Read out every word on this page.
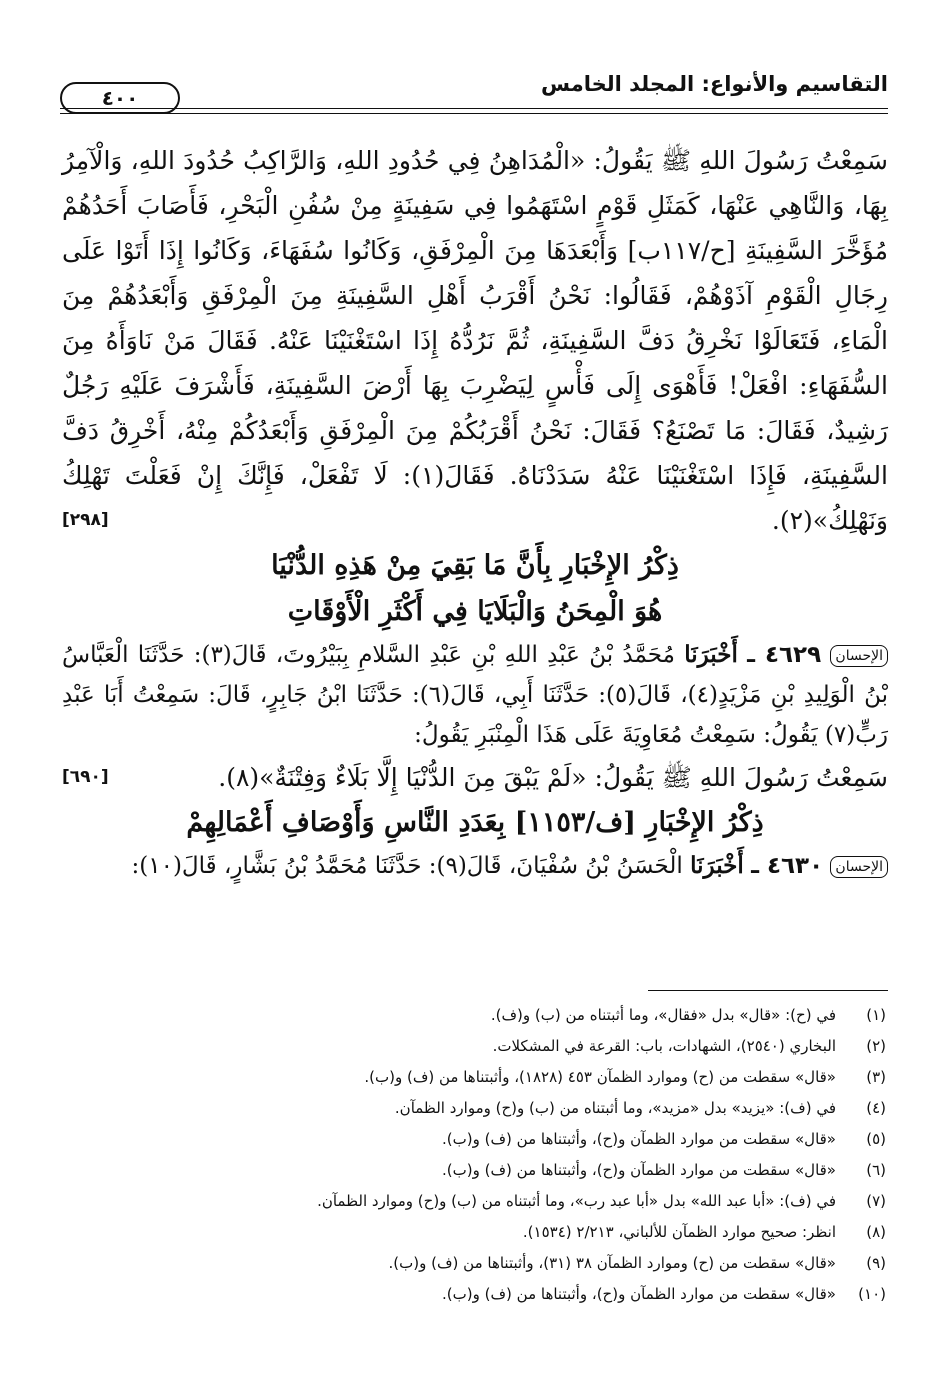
التقاسيم والأنواع: المجلد الخامس
٤٠٠

سَمِعْتُ رَسُولَ اللهِ ﷺ يَقُولُ: «الْمُدَاهِنُ فِي حُدُودِ اللهِ، وَالرَّاكِبُ حُدُودَ اللهِ، وَالْآمِرُ بِهَا، وَالنَّاهِي عَنْهَا، كَمَثَلِ قَوْمٍ اسْتَهَمُوا فِي سَفِينَةٍ مِنْ سُفُنِ الْبَحْرِ، فَأَصَابَ أَحَدُهُمْ مُؤَخَّرَ السَّفِينَةِ [ح/١١٧ب] وَأَبْعَدَهَا مِنَ الْمِرْفَقِ، وَكَانُوا سُفَهَاءَ، وَكَانُوا إِذَا أَتَوْا عَلَى رِجَالِ الْقَوْمِ آذَوْهُمْ، فَقَالُوا: نَحْنُ أَقْرَبُ أَهْلِ السَّفِينَةِ مِنَ الْمِرْفَقِ وَأَبْعَدُهُمْ مِنَ الْمَاءِ، فَتَعَالَوْا نَخْرِقُ دَفَّ السَّفِينَةِ، ثُمَّ نَرُدُّهُ إِذَا اسْتَغْنَيْنَا عَنْهُ. فَقَالَ مَنْ نَاوَأَهُ مِنَ السُّفَهَاءِ: افْعَلْ! فَأَهْوَى إِلَى فَأْسٍ لِيَضْرِبَ بِهَا أَرْضَ السَّفِينَةِ، فَأَشْرَفَ عَلَيْهِ رَجُلٌ رَشِيدٌ، فَقَالَ: مَا تَصْنَعُ؟ فَقَالَ: نَحْنُ أَقْرَبُكُمْ مِنَ الْمِرْفَقِ وَأَبْعَدُكُمْ مِنْهُ، أَخْرِقُ دَفَّ السَّفِينَةِ، فَإِذَا اسْتَغْنَيْنَا عَنْهُ سَدَدْنَاهُ. فَقَالَ(١): لَا تَفْعَلْ، فَإِنَّكَ إِنْ فَعَلْتَ تَهْلِكُ وَنَهْلِكُ»(٢).
[٢٩٨]

ذِكْرُ الإِخْبَارِ بِأَنَّ مَا بَقِيَ مِنْ هَذِهِ الدُّنْيَا
هُوَ الْمِحَنُ وَالْبَلَايَا فِي أَكْثَرِ الْأَوْقَاتِ

الإحسان ٤٦٢٩ ـ أَخْبَرَنَا مُحَمَّدُ بْنُ عَبْدِ اللهِ بْنِ عَبْدِ السَّلامِ بِبَيْرُوتَ، قَالَ(٣): حَدَّثَنَا الْعَبَّاسُ بْنُ الْوَلِيدِ بْنِ مَزْيَدٍ(٤)، قَالَ(٥): حَدَّثَنَا أَبِي، قَالَ(٦): حَدَّثَنَا ابْنُ جَابِرٍ، قَالَ: سَمِعْتُ أَبَا عَبْدِ رَبٍّ(٧) يَقُولُ: سَمِعْتُ مُعَاوِيَةَ عَلَى هَذَا الْمِنْبَرِ يَقُولُ:

سَمِعْتُ رَسُولَ اللهِ ﷺ يَقُولُ: «لَمْ يَبْقَ مِنَ الدُّنْيَا إِلَّا بَلَاءٌ وَفِتْنَةٌ»(٨).
[٦٩٠]

ذِكْرُ الإِخْبَارِ [ف/١١٥٣] بِعَدَدِ النَّاسِ وَأَوْصَافِ أَعْمَالِهِمْ

الإحسان ٤٦٣٠ ـ أَخْبَرَنَا الْحَسَنُ بْنُ سُفْيَانَ، قَالَ(٩): حَدَّثَنَا مُحَمَّدُ بْنُ بَشَّارٍ، قَالَ(١٠):

(١)
في (ح): «قال» بدل «فقال»، وما أثبتناه من (ب) و(ف).
(٢)
البخاري (٢٥٤٠)، الشهادات، باب: القرعة في المشكلات.
(٣)
«قال» سقطت من (ح) وموارد الظمآن ٤٥٣ (١٨٢٨)، وأثبتناها من (ف) و(ب).
(٤)
في (ف): «يزيد» بدل «مزيد»، وما أثبتناه من (ب) و(ح) وموارد الظمآن.
(٥)
«قال» سقطت من موارد الظمآن و(ح)، وأثبتناها من (ف) و(ب).
(٦)
«قال» سقطت من موارد الظمآن و(ح)، وأثبتناها من (ف) و(ب).
(٧)
في (ف): «أبا عبد الله» بدل «أبا عبد رب»، وما أثبتناه من (ب) و(ح) وموارد الظمآن.
(٨)
انظر: صحيح موارد الظمآن للألباني، ٢/٢١٣ (١٥٣٤).
(٩)
«قال» سقطت من (ح) وموارد الظمآن ٣٨ (٣١)، وأثبتناها من (ف) و(ب).
(١٠)
«قال» سقطت من موارد الظمآن و(ح)، وأثبتناها من (ف) و(ب).
